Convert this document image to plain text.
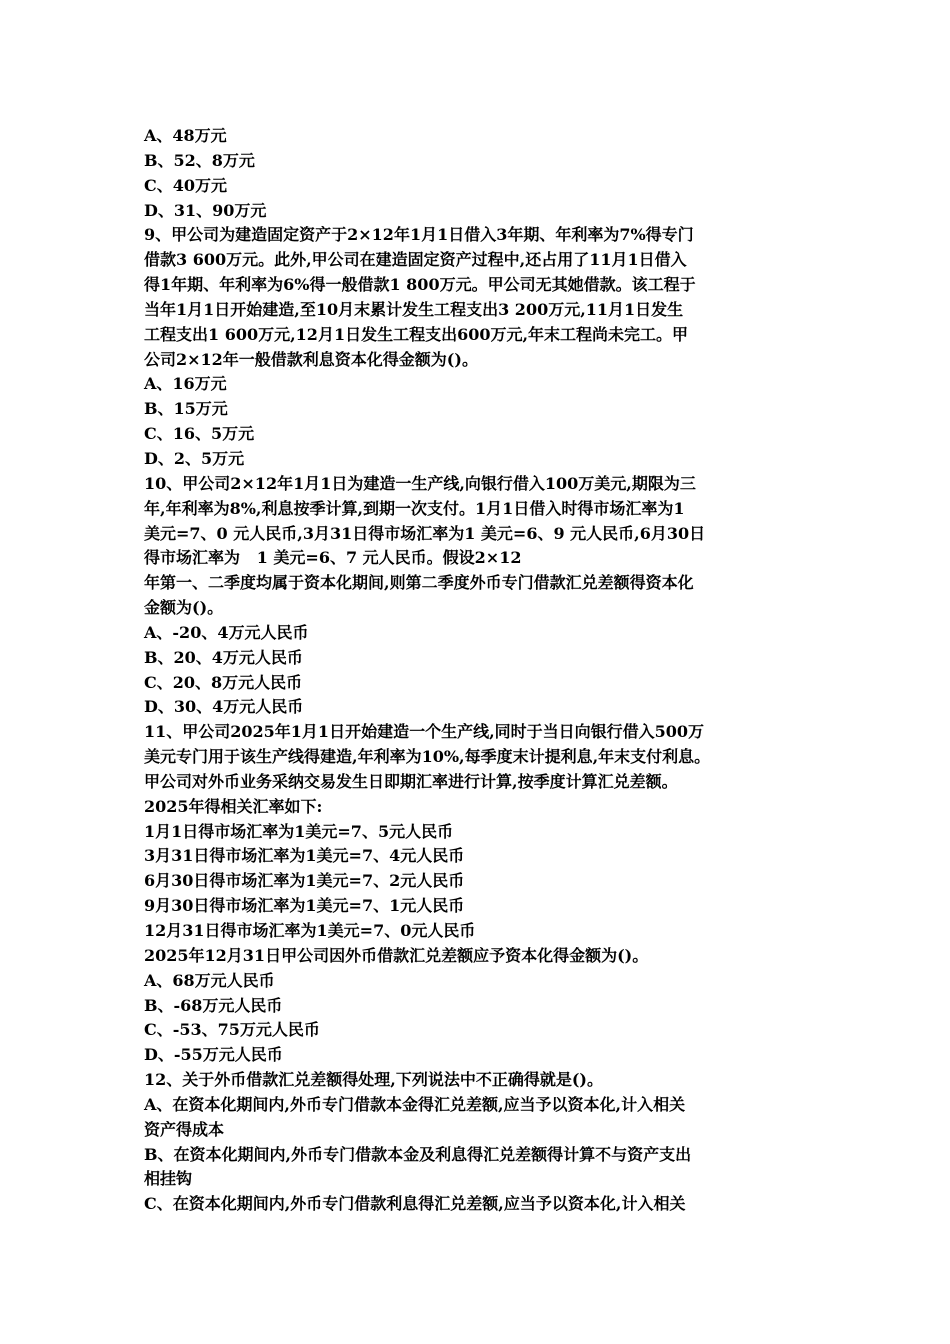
A、48万元
B、52、8万元
C、40万元
D、31、90万元
9、甲公司为建造固定资产于2×12年1月1日借入3年期、年利率为7%得专门
借款3 600万元。此外,甲公司在建造固定资产过程中,还占用了11月1日借入
得1年期、年利率为6%得一般借款1 800万元。甲公司无其她借款。该工程于
当年1月1日开始建造,至10月末累计发生工程支出3 200万元,11月1日发生
工程支出1 600万元,12月1日发生工程支出600万元,年末工程尚未完工。甲
公司2×12年一般借款利息资本化得金额为()。
A、16万元
B、15万元
C、16、5万元
D、2、5万元
10、甲公司2×12年1月1日为建造一生产线,向银行借入100万美元,期限为三
年,年利率为8%,利息按季计算,到期一次支付。1月1日借入时得市场汇率为1
美元=7、0 元人民币,3月31日得市场汇率为1 美元=6、9 元人民币,6月30日
得市场汇率为   1 美元=6、7 元人民币。假设2×12
年第一、二季度均属于资本化期间,则第二季度外币专门借款汇兑差额得资本化
金额为()。
A、-20、4万元人民币
B、20、4万元人民币
C、20、8万元人民币
D、30、4万元人民币
11、甲公司2025年1月1日开始建造一个生产线,同时于当日向银行借入500万
美元专门用于该生产线得建造,年利率为10%,每季度末计提利息,年末支付利息。
甲公司对外币业务采纳交易发生日即期汇率进行计算,按季度计算汇兑差额。
2025年得相关汇率如下:
1月1日得市场汇率为1美元=7、5元人民币
3月31日得市场汇率为1美元=7、4元人民币
6月30日得市场汇率为1美元=7、2元人民币
9月30日得市场汇率为1美元=7、1元人民币
12月31日得市场汇率为1美元=7、0元人民币
2025年12月31日甲公司因外币借款汇兑差额应予资本化得金额为()。
A、68万元人民币
B、-68万元人民币
C、-53、75万元人民币
D、-55万元人民币
12、关于外币借款汇兑差额得处理,下列说法中不正确得就是()。
A、在资本化期间内,外币专门借款本金得汇兑差额,应当予以资本化,计入相关
资产得成本
B、在资本化期间内,外币专门借款本金及利息得汇兑差额得计算不与资产支出
相挂钩
C、在资本化期间内,外币专门借款利息得汇兑差额,应当予以资本化,计入相关
